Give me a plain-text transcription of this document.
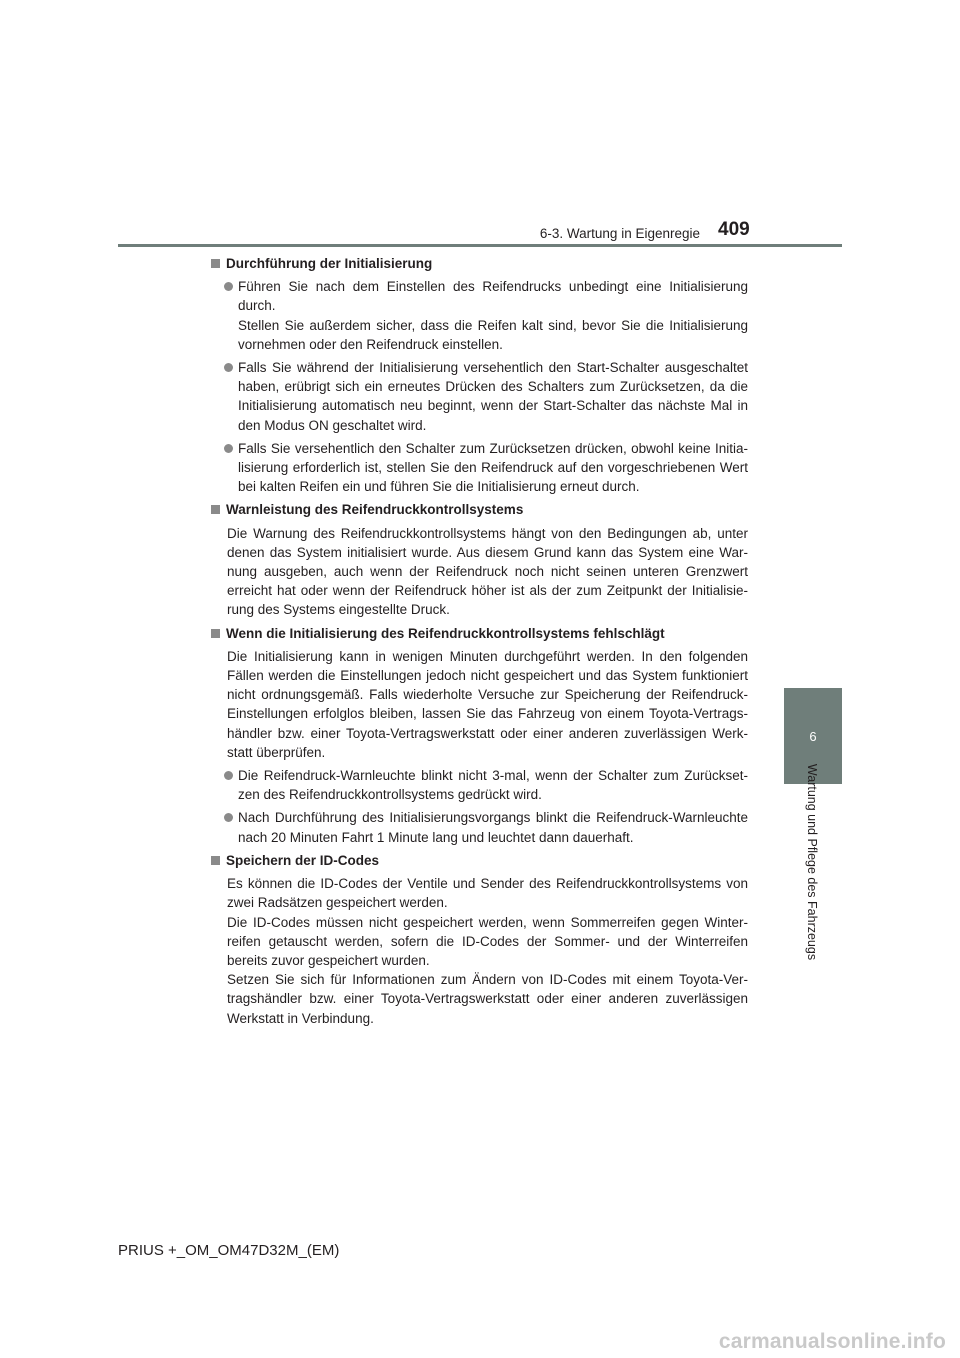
6-3. Wartung in Eigenregie 409
6
Wartung und Pflege des Fahrzeugs
Durchführung der Initialisierung
Führen Sie nach dem Einstellen des Reifendrucks unbedingt eine Initialisierung durch.
Stellen Sie außerdem sicher, dass die Reifen kalt sind, bevor Sie die Initialisierung vornehmen oder den Reifendruck einstellen.
Falls Sie während der Initialisierung versehentlich den Start-Schalter ausgeschaltet haben, erübrigt sich ein erneutes Drücken des Schalters zum Zurücksetzen, da die Initialisierung automatisch neu beginnt, wenn der Start-Schalter das nächste Mal in den Modus ON geschaltet wird.
Falls Sie versehentlich den Schalter zum Zurücksetzen drücken, obwohl keine Initia-lisierung erforderlich ist, stellen Sie den Reifendruck auf den vorgeschriebenen Wert bei kalten Reifen ein und führen Sie die Initialisierung erneut durch.
Warnleistung des Reifendruckkontrollsystems
Die Warnung des Reifendruckkontrollsystems hängt von den Bedingungen ab, unter denen das System initialisiert wurde. Aus diesem Grund kann das System eine War-nung ausgeben, auch wenn der Reifendruck noch nicht seinen unteren Grenzwert erreicht hat oder wenn der Reifendruck höher ist als der zum Zeitpunkt der Initialisie-rung des Systems eingestellte Druck.
Wenn die Initialisierung des Reifendruckkontrollsystems fehlschlägt
Die Initialisierung kann in wenigen Minuten durchgeführt werden. In den folgenden Fällen werden die Einstellungen jedoch nicht gespeichert und das System funktioniert nicht ordnungsgemäß. Falls wiederholte Versuche zur Speicherung der Reifendruck-Einstellungen erfolglos bleiben, lassen Sie das Fahrzeug von einem Toyota-Vertrags-händler bzw. einer Toyota-Vertragswerkstatt oder einer anderen zuverlässigen Werk-statt überprüfen.
Die Reifendruck-Warnleuchte blinkt nicht 3-mal, wenn der Schalter zum Zurückset-zen des Reifendruckkontrollsystems gedrückt wird.
Nach Durchführung des Initialisierungsvorgangs blinkt die Reifendruck-Warnleuchte nach 20 Minuten Fahrt 1 Minute lang und leuchtet dann dauerhaft.
Speichern der ID-Codes
Es können die ID-Codes der Ventile und Sender des Reifendruckkontrollsystems von zwei Radsätzen gespeichert werden.
Die ID-Codes müssen nicht gespeichert werden, wenn Sommerreifen gegen Winter-reifen getauscht werden, sofern die ID-Codes der Sommer- und der Winterreifen bereits zuvor gespeichert wurden.
Setzen Sie sich für Informationen zum Ändern von ID-Codes mit einem Toyota-Ver-tragshändler bzw. einer Toyota-Vertragswerkstatt oder einer anderen zuverlässigen Werkstatt in Verbindung.
PRIUS +_OM_OM47D32M_(EM)
carmanualsonline.info
